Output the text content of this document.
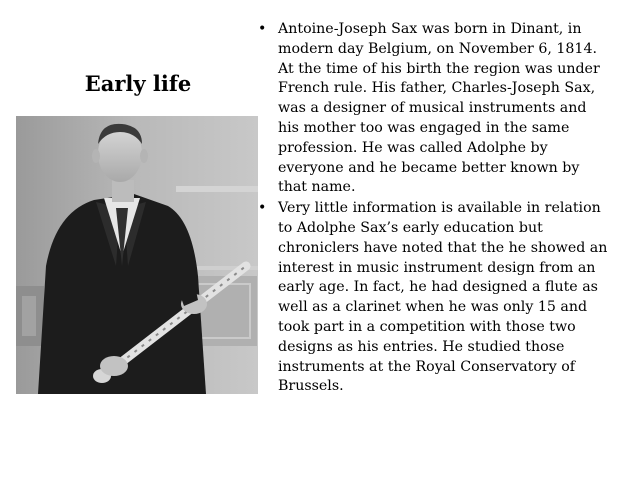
Early life
• Antoine-Joseph Sax was born in Dinant, in modern day Belgium, on November 6, 1814. At the time of his birth the region was under French rule. His father, Charles-Joseph Sax, was a designer of musical instruments and his mother too was engaged in the same profession. He was called Adolphe by everyone and he became better known by that name.
• Very little information is available in relation to Adolphe Sax’s early education but chroniclers have noted that the he showed an interest in music instrument design from an early age. In fact, he had designed a flute as well as a clarinet when he was only 15 and took part in a competition with those two designs as his entries. He studied those instruments at the Royal Conservatory of Brussels.
